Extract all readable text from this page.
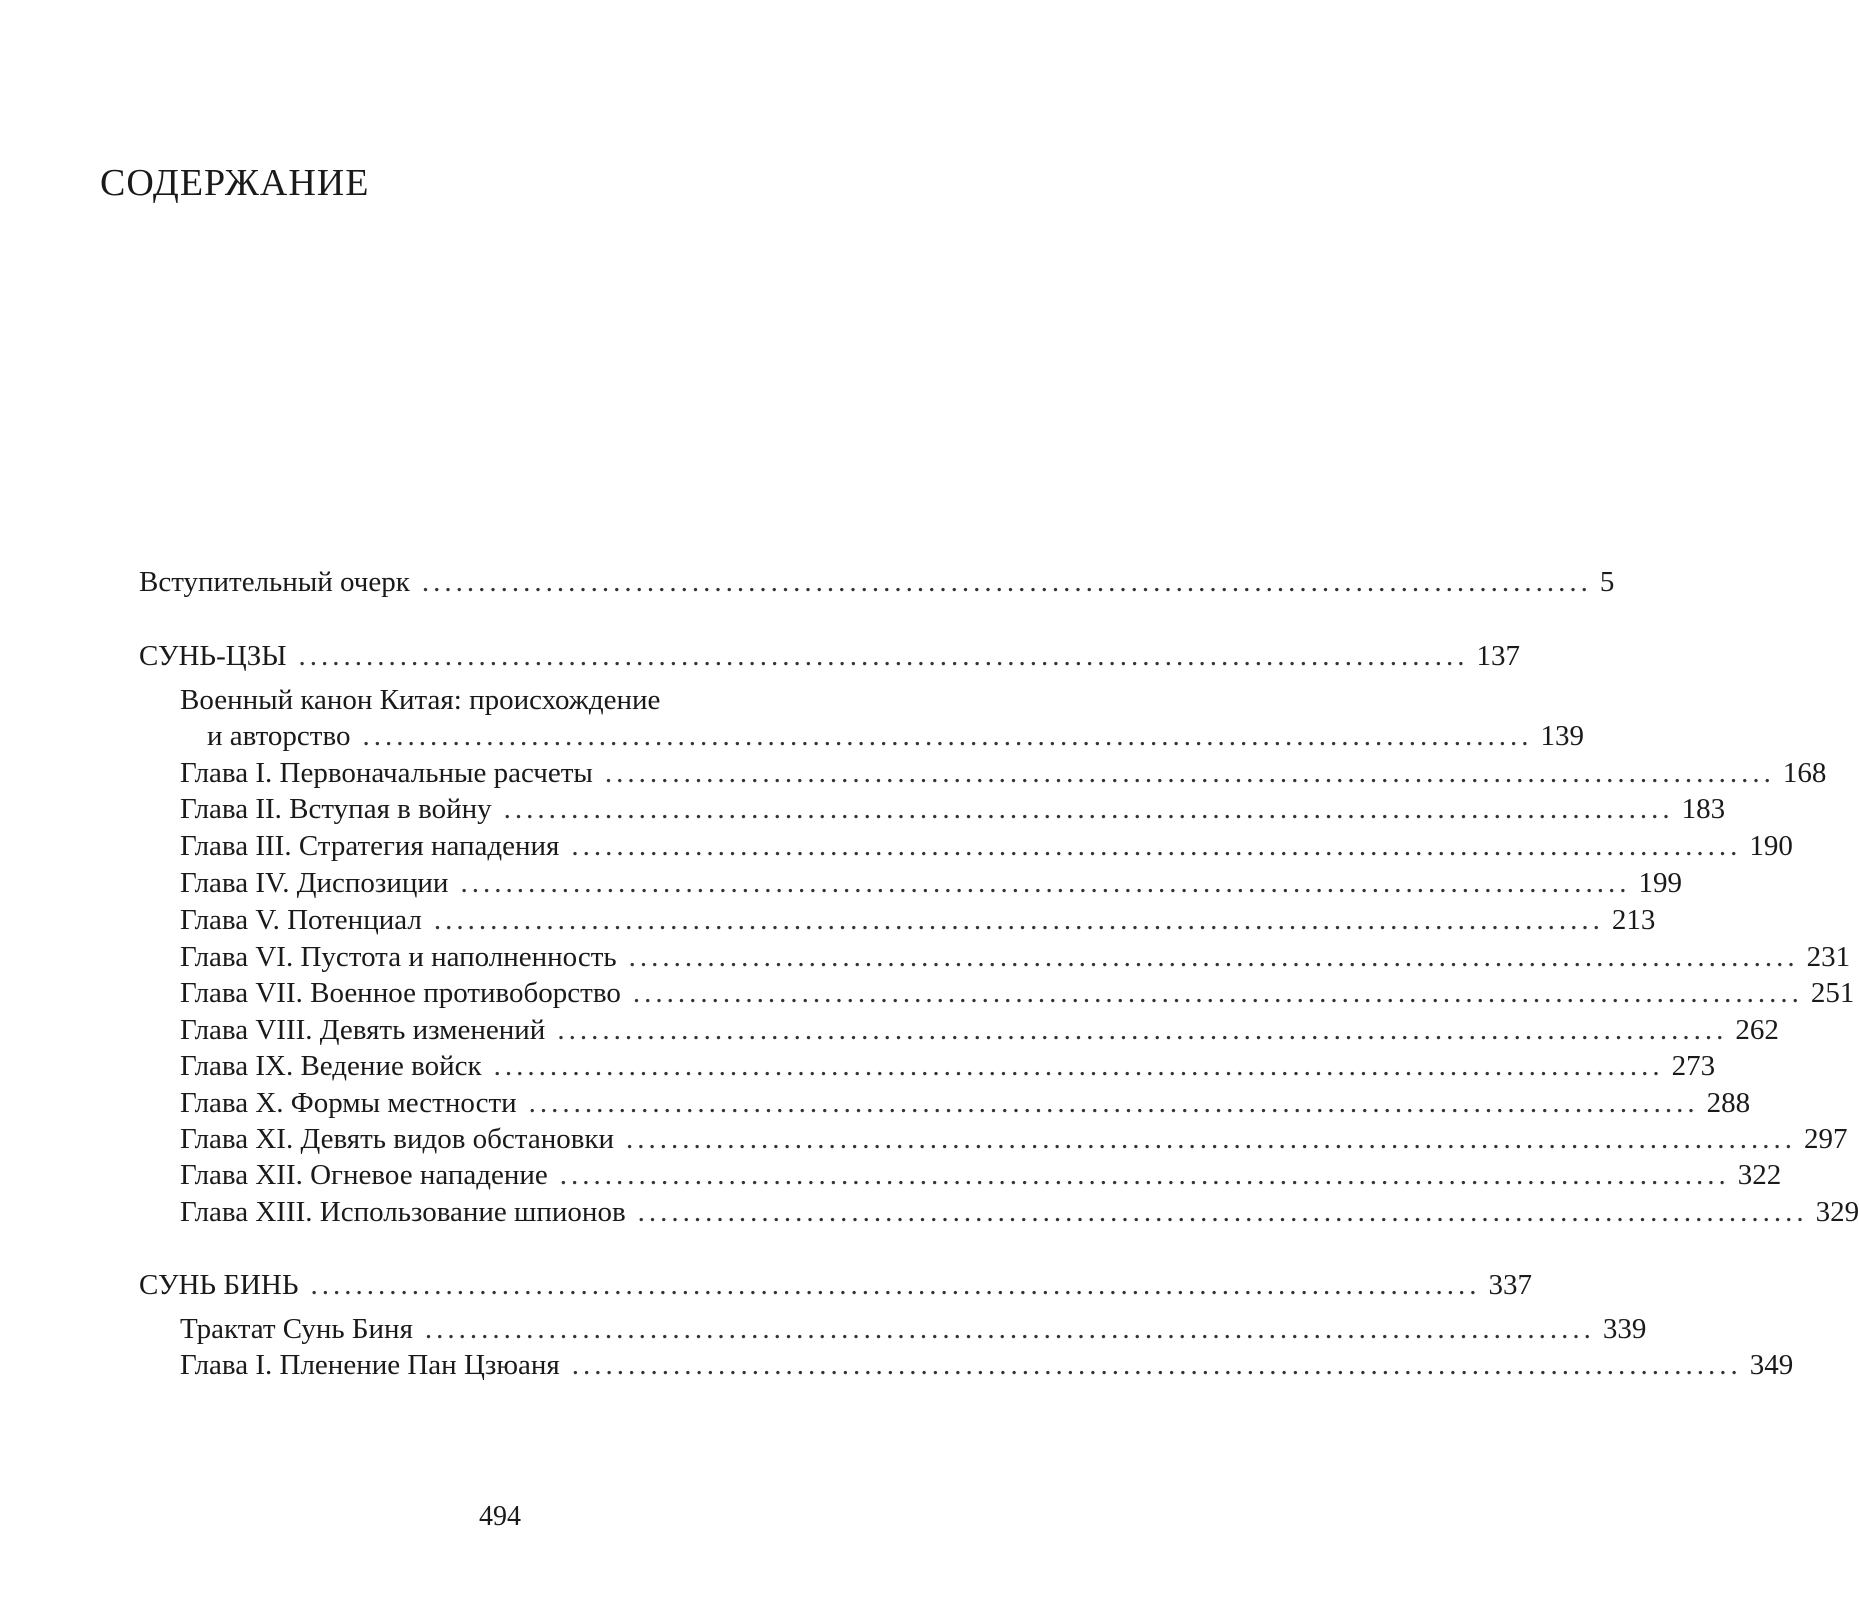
СОДЕРЖАНИЕ
Вступительный очерк ........................................................................................................ 5
СУНЬ-ЦЗЫ ........................................................................................................ 137
Военный канон Китая: происхождение
и авторство ........................................................................................................ 139
Глава I. Первоначальные расчеты ........................................................................................................ 168
Глава II. Вступая в войну ........................................................................................................ 183
Глава III. Стратегия нападения ........................................................................................................ 190
Глава IV. Диспозиции ........................................................................................................ 199
Глава V. Потенциал ........................................................................................................ 213
Глава VI. Пустота и наполненность ........................................................................................................ 231
Глава VII. Военное противоборство ........................................................................................................ 251
Глава VIII. Девять изменений ........................................................................................................ 262
Глава IX. Ведение войск ........................................................................................................ 273
Глава X. Формы местности ........................................................................................................ 288
Глава XI. Девять видов обстановки ........................................................................................................ 297
Глава XII. Огневое нападение ........................................................................................................ 322
Глава XIII. Использование шпионов ........................................................................................................ 329
СУНЬ БИНЬ ........................................................................................................ 337
Трактат Сунь Биня ........................................................................................................ 339
Глава I. Пленение Пан Цзюаня ........................................................................................................ 349
494
